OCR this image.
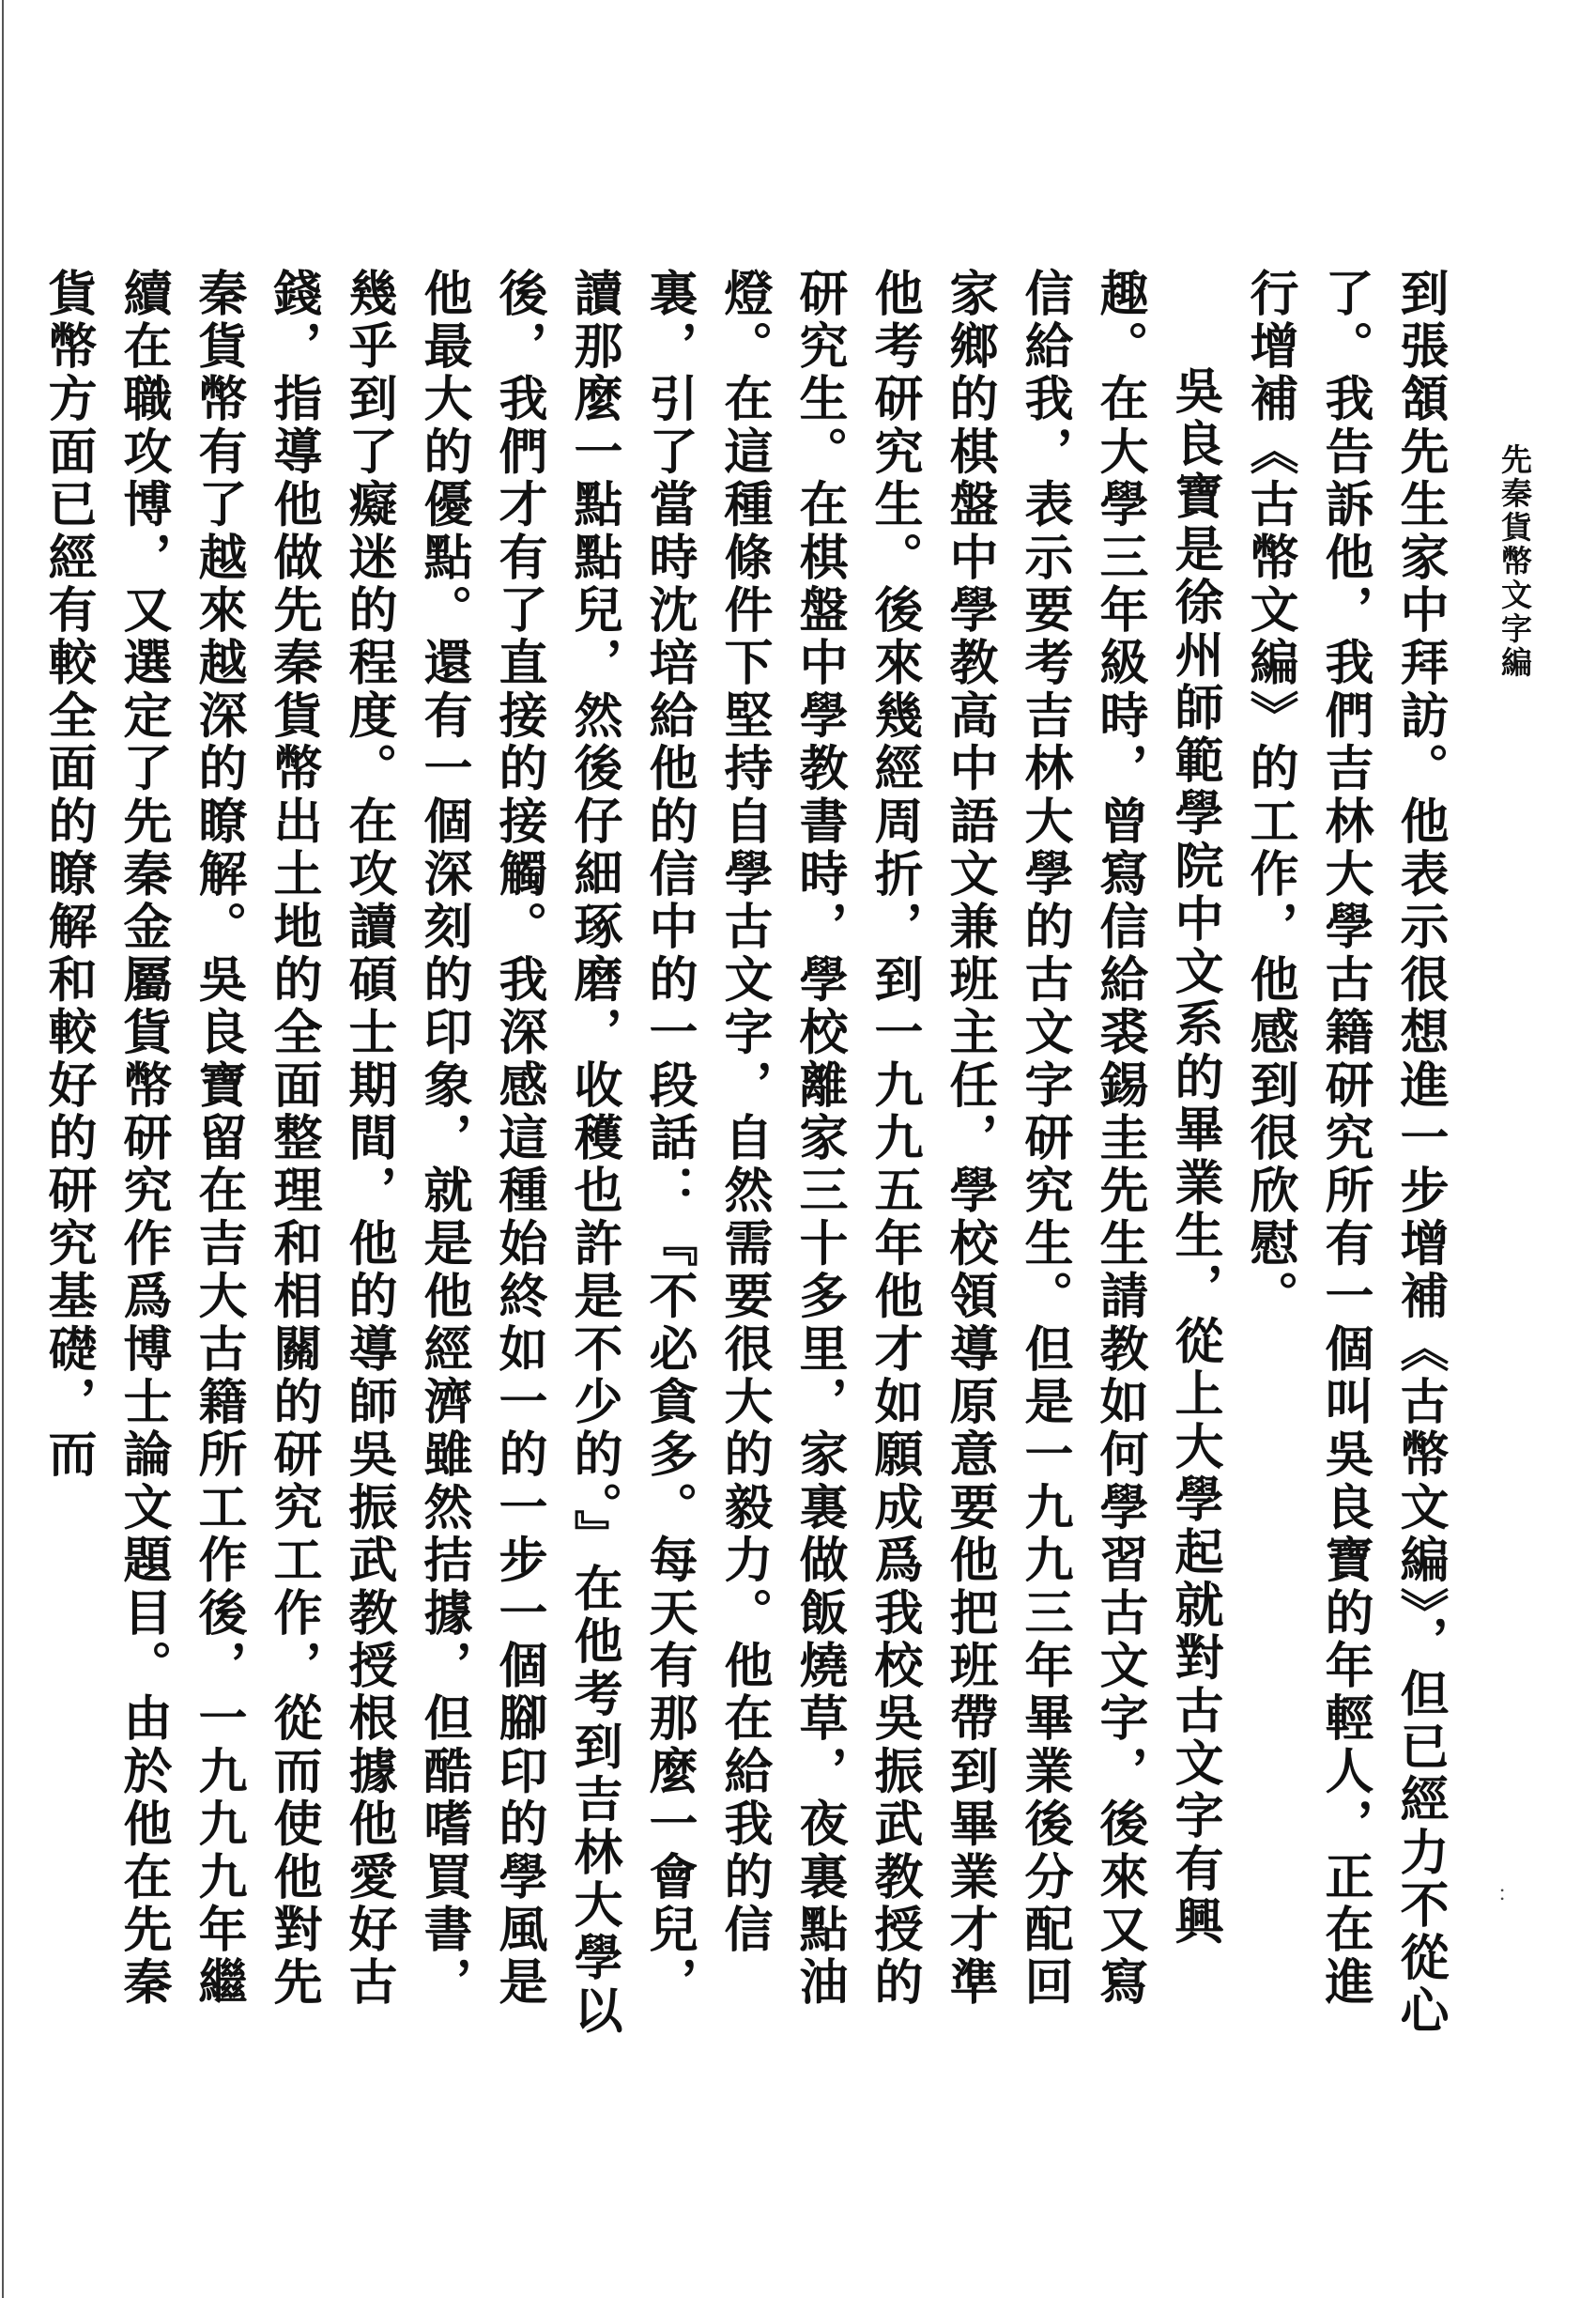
先秦貨幣文字編

到張頷先生家中拜訪。他表示很想進一步增補《古幣文編》，但已經力不從心了。我告訴他，我們吉林大學古籍研究所有一個叫吳良寶的年輕人，正在進行增補《古幣文編》的工作，他感到很欣慰。

吳良寶是徐州師範學院中文系的畢業生，從上大學起就對古文字有興趣。在大學三年級時，曾寫信給裘錫圭先生請教如何學習古文字，後來又寫信給我，表示要考吉林大學的古文字研究生。但是一九九三年畢業後分配回家鄉的棋盤中學教高中語文兼班主任，學校領導原意要他把班帶到畢業才準他考研究生。後來幾經周折，到一九九五年他才如願成爲我校吳振武教授的研究生。在棋盤中學教書時，學校離家三十多里，家裏做飯燒草，夜裏點油燈。在這種條件下堅持自學古文字，自然需要很大的毅力。他在給我的信裏，引了當時沈培給他的信中的一段話：『不必貪多。每天有那麼一會兒，讀那麼一點點兒，然後仔細琢磨，收穫也許是不少的。』在他考到吉林大學以後，我們才有了直接的接觸。我深感這種始終如一的一步一個腳印的學風是他最大的優點。還有一個深刻的印象，就是他經濟雖然拮據，但酷嗜買書，幾乎到了癡迷的程度。在攻讀碩士期間，他的導師吳振武教授根據他愛好古錢，指導他做先秦貨幣出土地的全面整理和相關的研究工作，從而使他對先秦貨幣有了越來越深的瞭解。吳良寶留在吉大古籍所工作後，一九九九年繼續在職攻博，又選定了先秦金屬貨幣研究作爲博士論文題目。由於他在先秦貨幣方面已經有較全面的瞭解和較好的研究基礎，而

：
